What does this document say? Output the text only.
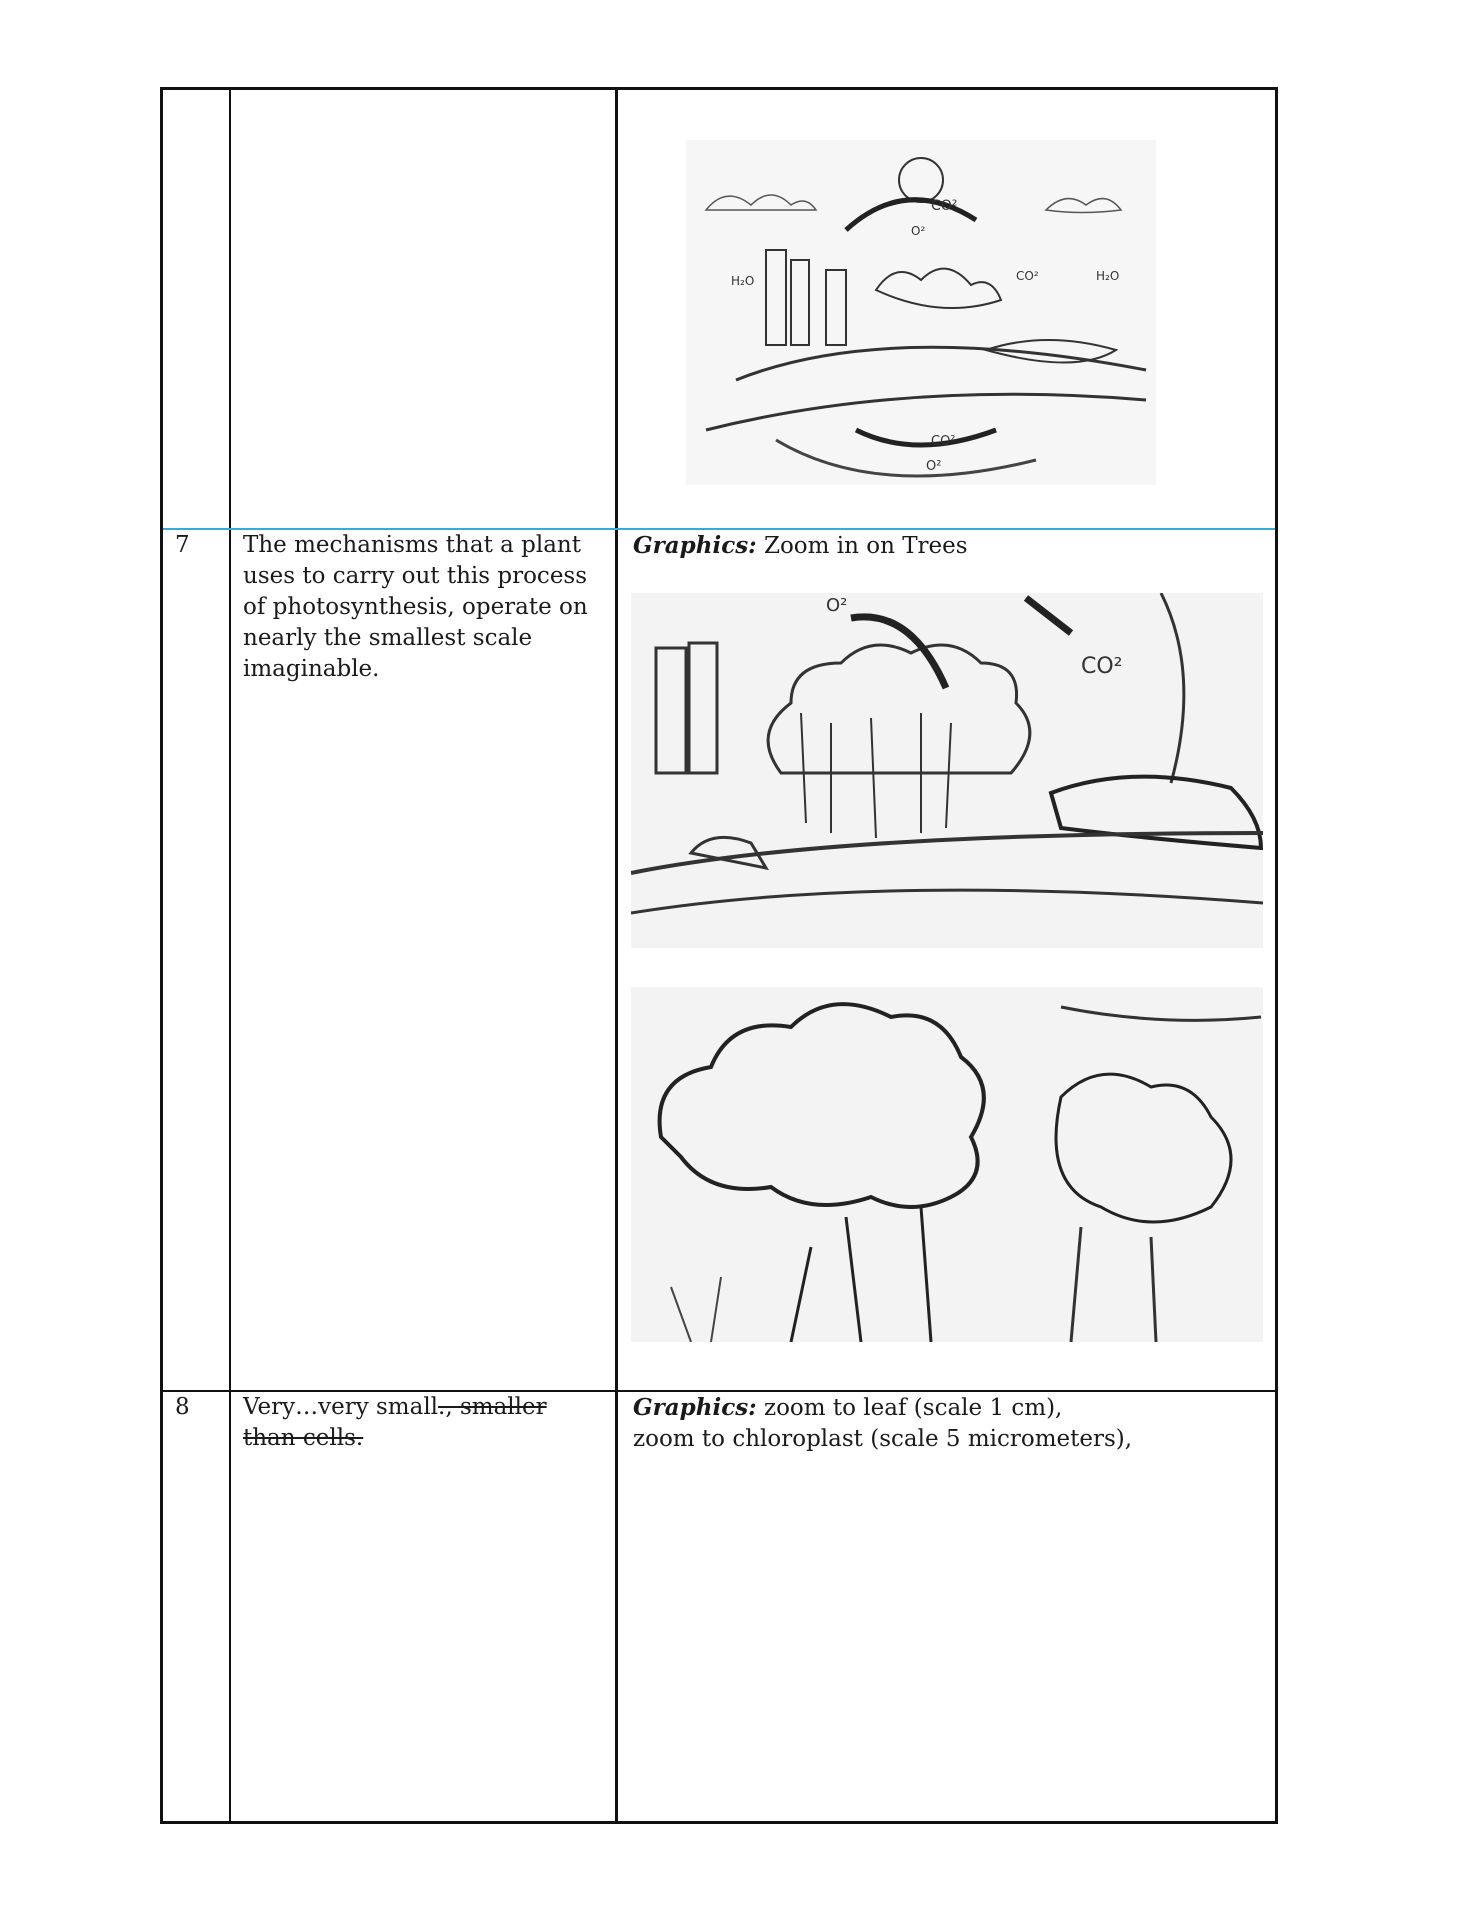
CO²
O²
CO²
H₂O	H₂O
CO²
O²
7 The mechanisms that a plant uses to carry out this process of photosynthesis, operate on nearly the smallest scale imaginable.
Graphics: Zoom in on Trees
CO²
O²
8 Very…very small., smaller than cells.
Graphics: zoom to leaf (scale 1 cm),
zoom to chloroplast (scale 5 micrometers),
